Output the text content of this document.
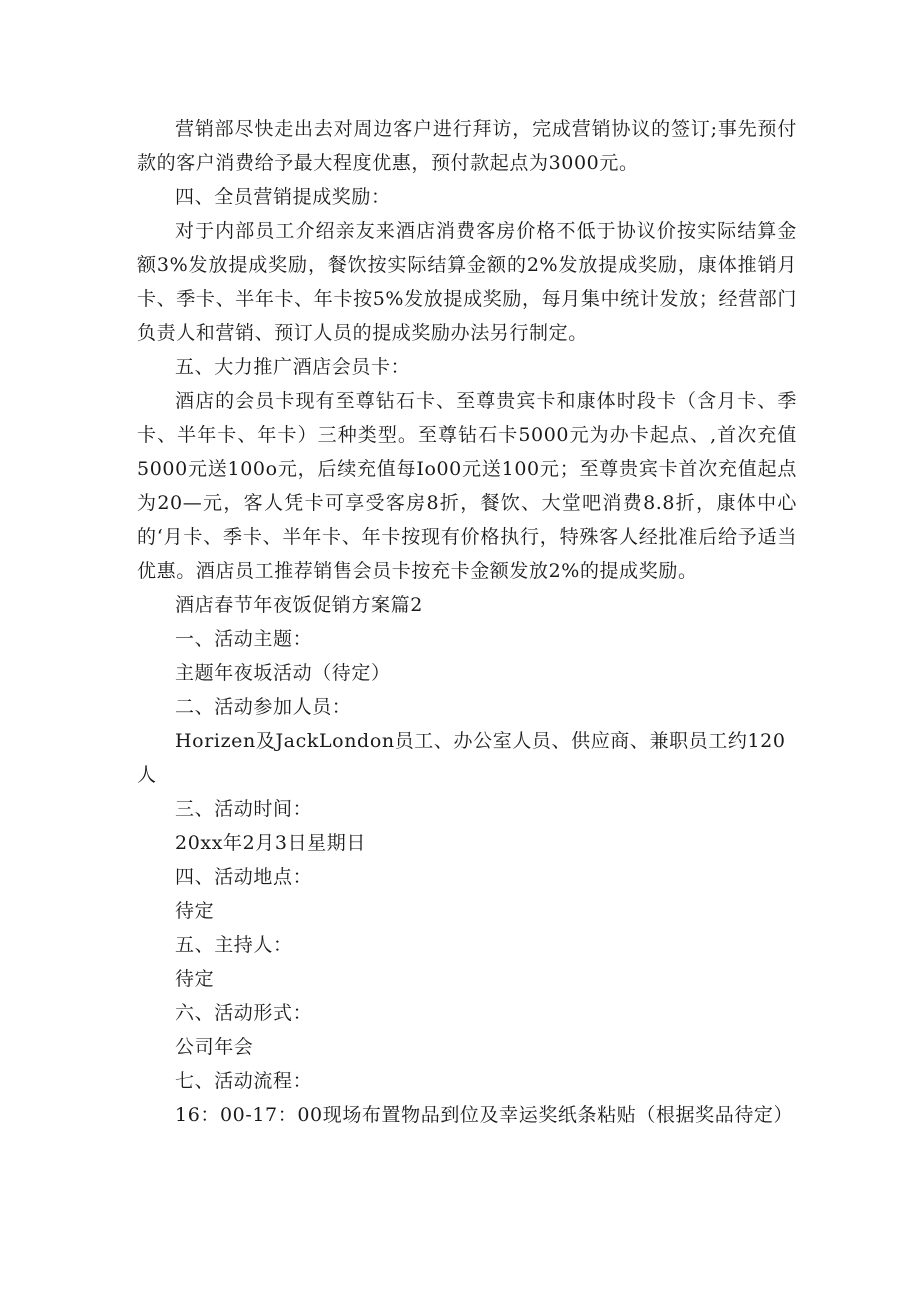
营销部尽快走出去对周边客户进行拜访，完成营销协议的签订;事先预付款的客户消费给予最大程度优惠，预付款起点为3000元。

四、全员营销提成奖励：

对于内部员工介绍亲友来酒店消费客房价格不低于协议价按实际结算金额3%发放提成奖励，餐饮按实际结算金额的2%发放提成奖励，康体推销月卡、季卡、半年卡、年卡按5%发放提成奖励，每月集中统计发放；经营部门负责人和营销、预订人员的提成奖励办法另行制定。

五、大力推广酒店会员卡：

酒店的会员卡现有至尊钻石卡、至尊贵宾卡和康体时段卡（含月卡、季卡、半年卡、年卡）三种类型。至尊钻石卡5000元为办卡起点、,首次充值5000元送100o元，后续充值每Io00元送100元；至尊贵宾卡首次充值起点为20—元，客人凭卡可享受客房8折，餐饮、大堂吧消费8.8折，康体中心的‘月卡、季卡、半年卡、年卡按现有价格执行，特殊客人经批准后给予适当优惠。酒店员工推荐销售会员卡按充卡金额发放2%的提成奖励。

酒店春节年夜饭促销方案篇2

一、活动主题：

主题年夜坂活动（待定）

二、活动参加人员：

Horizen及JackLondon员工、办公室人员、供应商、兼职员工约120人

三、活动时间：

20xx年2月3日星期日

四、活动地点：

待定

五、主持人：

待定

六、活动形式：

公司年会

七、活动流程：

16：00-17：00现场布置物品到位及幸运奖纸条粘贴（根据奖品待定）
